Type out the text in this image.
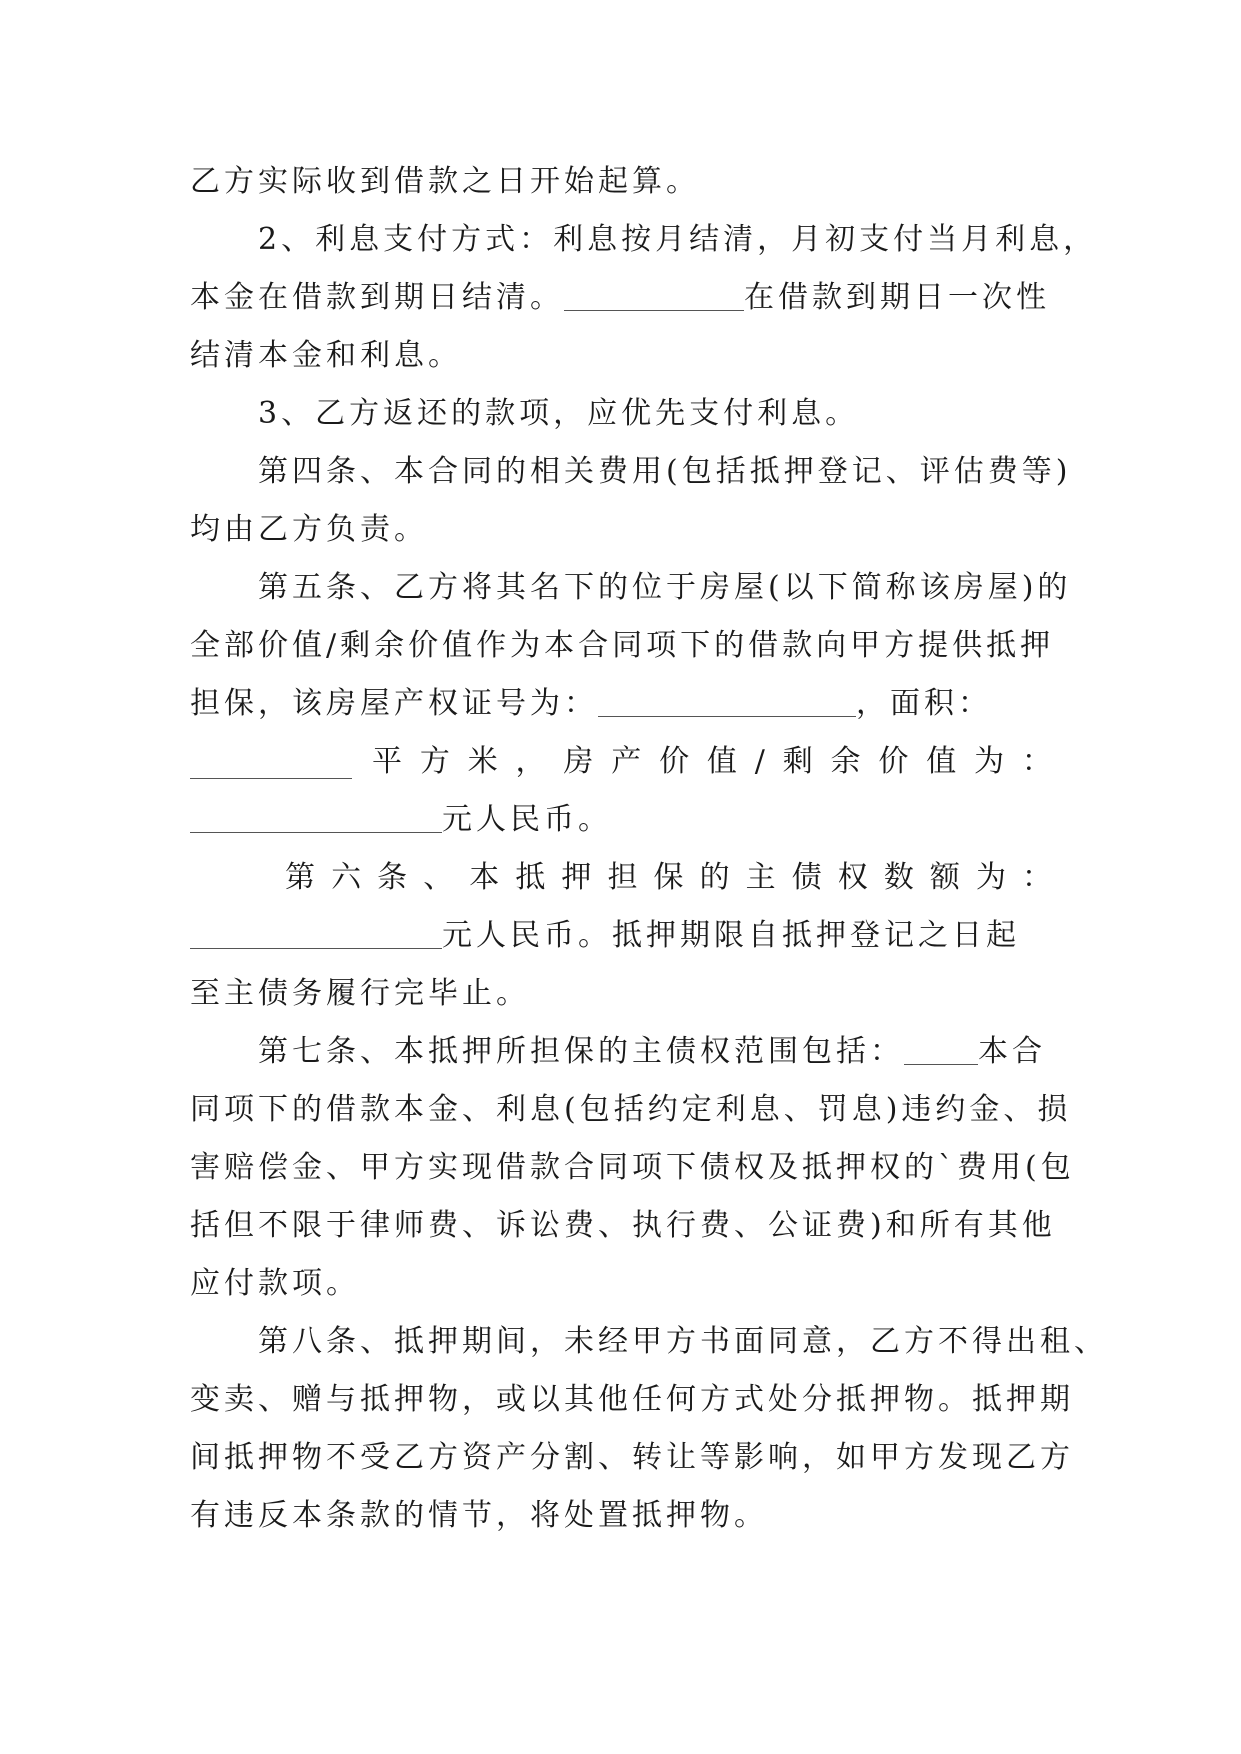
乙方实际收到借款之日开始起算。
2、利息支付方式：利息按月结清，月初支付当月利息，
本金在借款到期日结清。	在借款到期日一次性
结清本金和利息。
3、乙方返还的款项，应优先支付利息。
第四条、本合同的相关费用(包括抵押登记、评估费等)
均由乙方负责。
第五条、乙方将其名下的位于房屋(以下简称该房屋)的
全部价值/剩余价值作为本合同项下的借款向甲方提供抵押
担保，该房屋产权证号为：	，面积：
平 方 米 ， 房 产 价 值 / 剩 余 价 值 为 ：
元人民币。
第 六 条 、 本 抵 押 担 保 的 主 债 权 数 额 为 ：
元人民币。抵押期限自抵押登记之日起
至主债务履行完毕止。
第七条、本抵押所担保的主债权范围包括： 本合
同项下的借款本金、利息(包括约定利息、罚息)违约金、损
害赔偿金、甲方实现借款合同项下债权及抵押权的`费用(包
括但不限于律师费、诉讼费、执行费、公证费)和所有其他
应付款项。
第八条、抵押期间，未经甲方书面同意，乙方不得出租、
变卖、赠与抵押物，或以其他任何方式处分抵押物。抵押期
间抵押物不受乙方资产分割、转让等影响，如甲方发现乙方
有违反本条款的情节，将处置抵押物。
